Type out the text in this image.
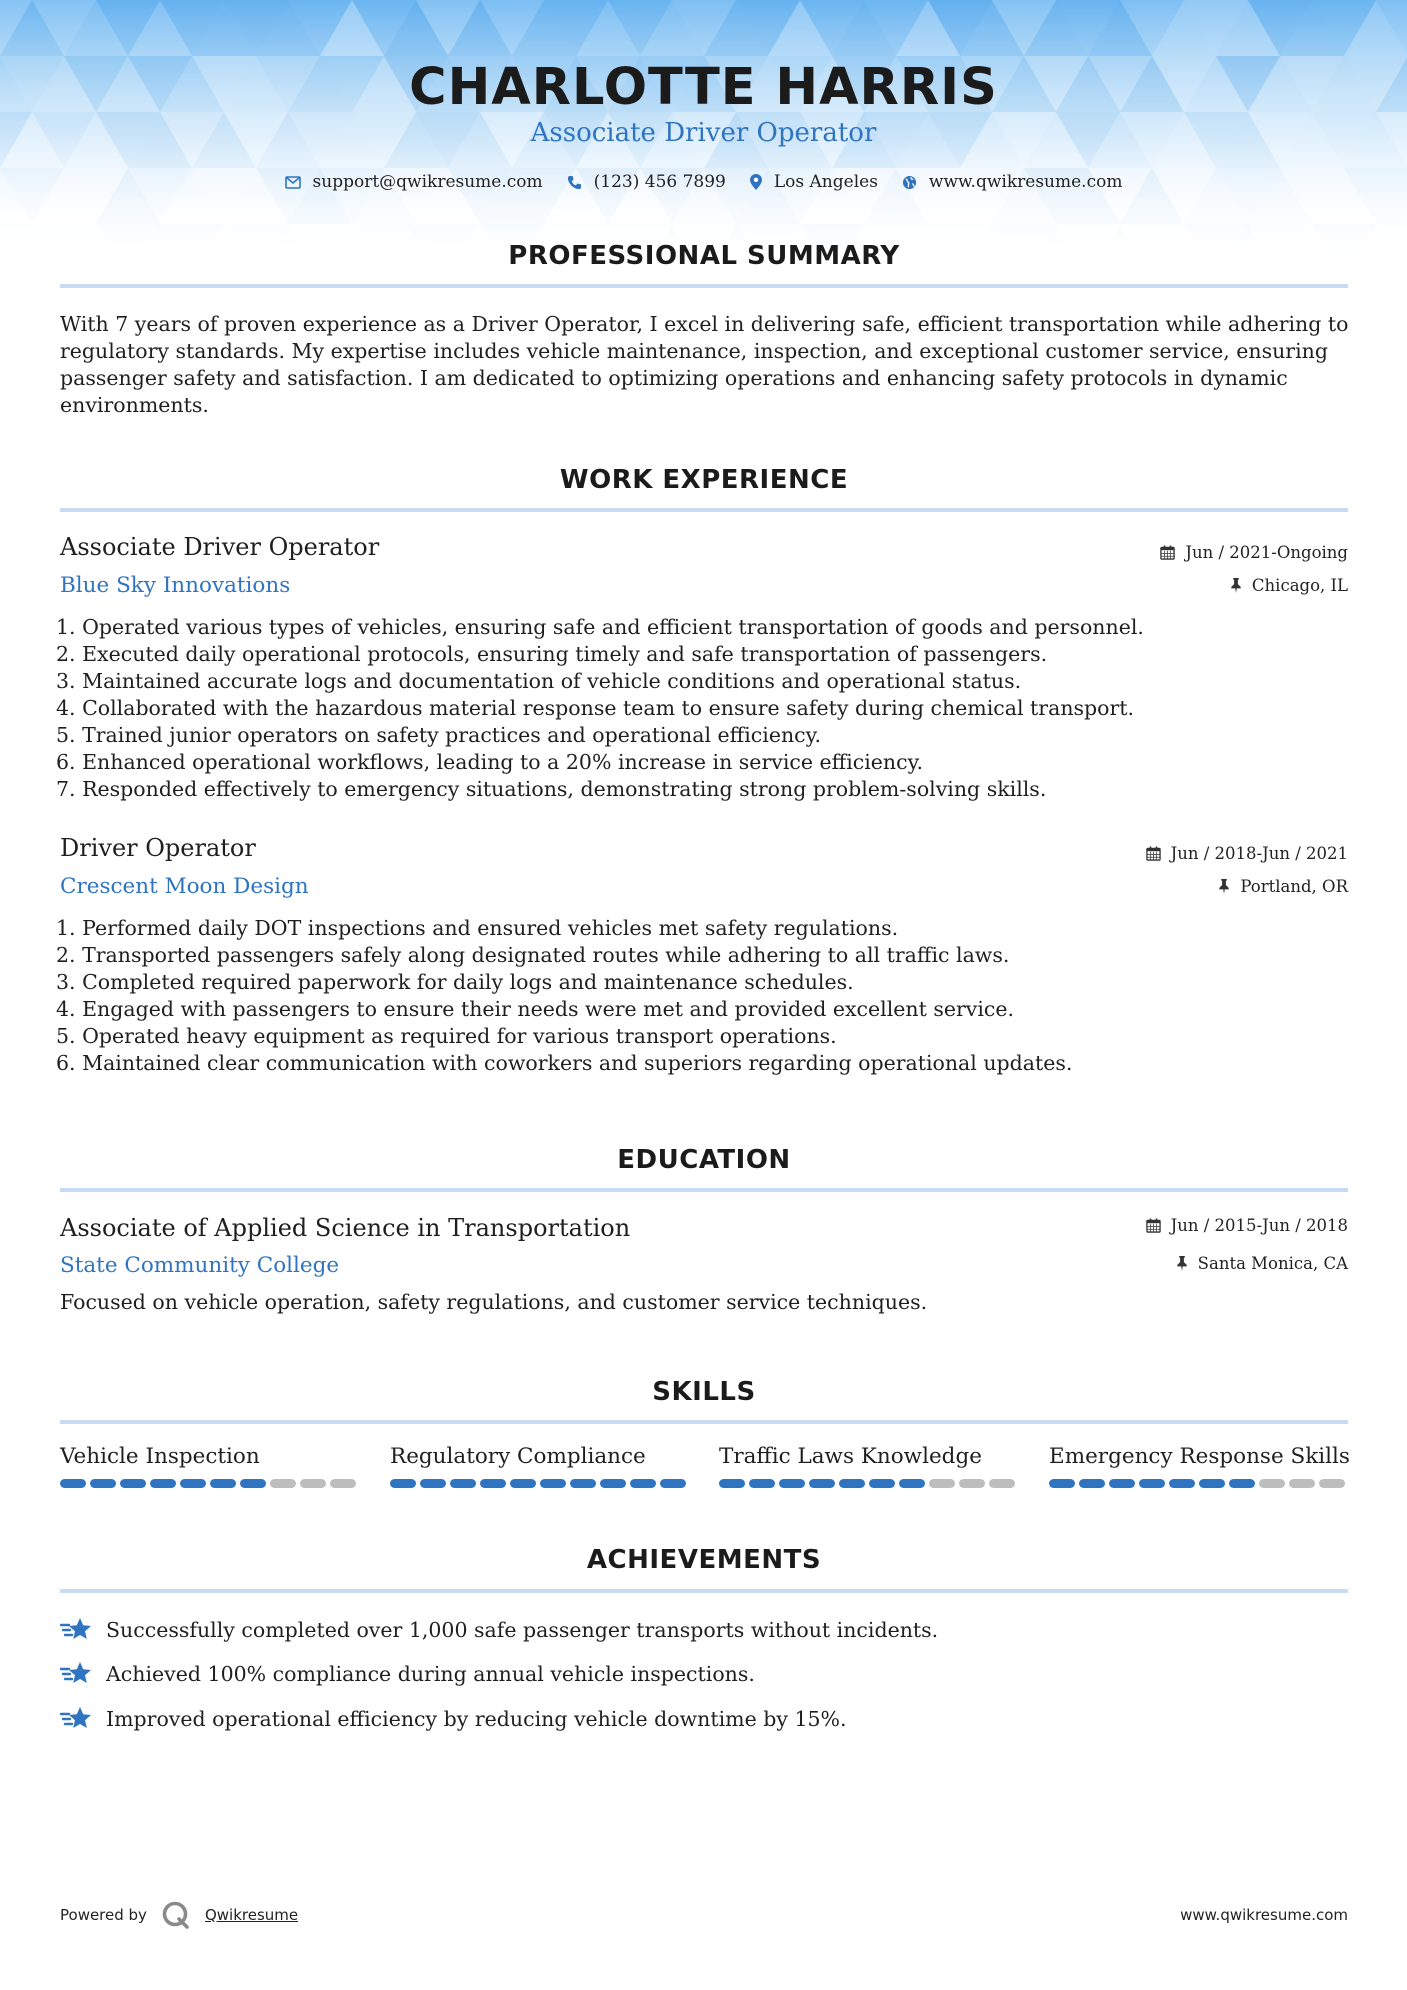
CHARLOTTE HARRIS
Associate Driver Operator
support@qwikresume.com	(123) 456 7899	Los Angeles	www.qwikresume.com
PROFESSIONAL SUMMARY
With 7 years of proven experience as a Driver Operator, I excel in delivering safe, efficient transportation while adhering to regulatory standards. My expertise includes vehicle maintenance, inspection, and exceptional customer service, ensuring passenger safety and satisfaction. I am dedicated to optimizing operations and enhancing safety protocols in dynamic environments.
WORK EXPERIENCE
Associate Driver Operator	Jun / 2021-Ongoing
Blue Sky Innovations	Chicago, IL
1. Operated various types of vehicles, ensuring safe and efficient transportation of goods and personnel.
2. Executed daily operational protocols, ensuring timely and safe transportation of passengers.
3. Maintained accurate logs and documentation of vehicle conditions and operational status.
4. Collaborated with the hazardous material response team to ensure safety during chemical transport.
5. Trained junior operators on safety practices and operational efficiency.
6. Enhanced operational workflows, leading to a 20% increase in service efficiency.
7. Responded effectively to emergency situations, demonstrating strong problem-solving skills.
Driver Operator	Jun / 2018-Jun / 2021
Crescent Moon Design	Portland, OR
1. Performed daily DOT inspections and ensured vehicles met safety regulations.
2. Transported passengers safely along designated routes while adhering to all traffic laws.
3. Completed required paperwork for daily logs and maintenance schedules.
4. Engaged with passengers to ensure their needs were met and provided excellent service.
5. Operated heavy equipment as required for various transport operations.
6. Maintained clear communication with coworkers and superiors regarding operational updates.
EDUCATION
Associate of Applied Science in Transportation	Jun / 2015-Jun / 2018
State Community College	Santa Monica, CA
Focused on vehicle operation, safety regulations, and customer service techniques.
SKILLS
Vehicle Inspection	Regulatory Compliance	Traffic Laws Knowledge	Emergency Response Skills
ACHIEVEMENTS
Successfully completed over 1,000 safe passenger transports without incidents.
Achieved 100% compliance during annual vehicle inspections.
Improved operational efficiency by reducing vehicle downtime by 15%.
Powered by	Qwikresume	www.qwikresume.com
